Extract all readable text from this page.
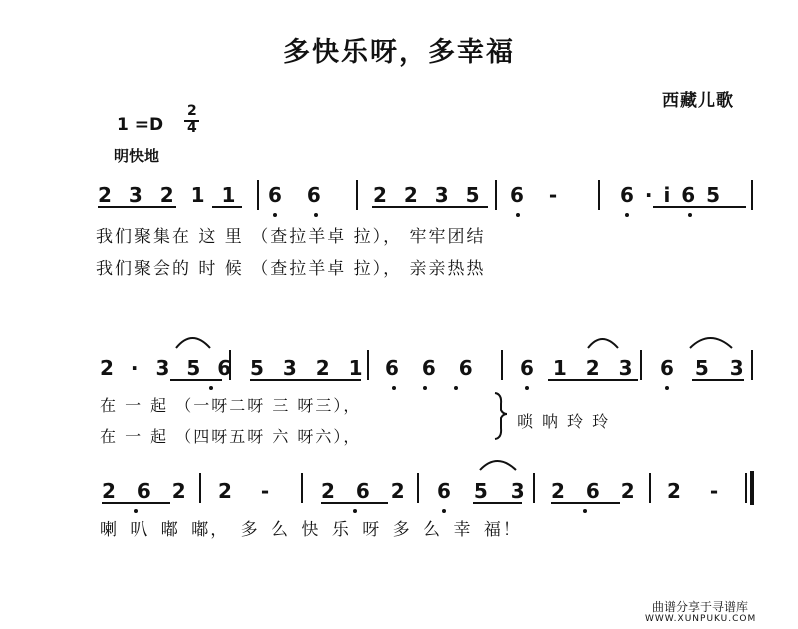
多快乐呀，多幸福
西藏儿歌
1 =D
2
4
明快地
2 3 2 1 1 6 6 2 2 3 5 6 -	6 · i 6 5
我们聚集在 这 里 （查拉羊卓 拉）， 牢牢团结
我们聚会的 时 候 （查拉羊卓 拉）， 亲亲热热
2 · 3 5 6 5 3 2 1 6 6 6 6 1 2 3 6 5 3
在 一 起 （一呀二呀 三 呀三），
在 一 起 （四呀五呀 六 呀六），
唢 呐 玲 玲
2 6 2 2 - 2 6 2 6 5 3 2 6 2 2 -
喇 叭 嘟 嘟， 多 么 快 乐 呀 多 么 幸 福！
曲谱分享于寻谱库
WWW.XUNPUKU.COM
